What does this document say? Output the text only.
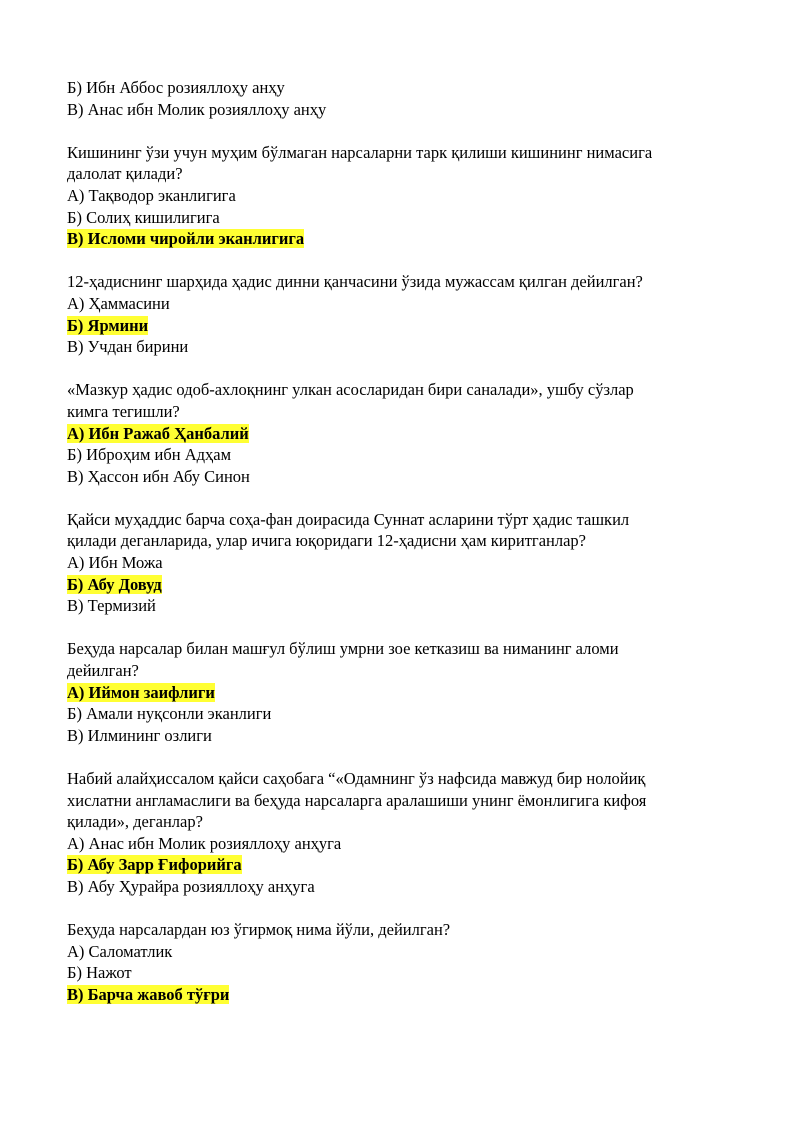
Б) Ибн Аббос розияллоҳу анҳу

В) Анас ибн Молик розияллоҳу анҳу

Кишининг ўзи учун муҳим бўлмаган нарсаларни тарк қилиши кишининг нимасига

далолат қилади?

А) Тақводор эканлигига

Б) Солиҳ кишилигига

В) Исломи чиройли эканлигига

12-ҳадиснинг шарҳида ҳадис динни қанчасини ўзида мужассам қилган дейилган?

А) Ҳаммасини

Б) Ярмини

В) Учдан бирини

«Мазкур ҳадис одоб-ахлоқнинг улкан асосларидан бири саналади», ушбу сўзлар

кимга тегишли?

А) Ибн Ражаб Ҳанбалий

Б) Иброҳим ибн Адҳам

В) Ҳассон ибн Абу Синон

Қайси муҳаддис барча соҳа-фан доирасида Суннат асларини тўрт ҳадис ташкил

қилади деганларида, улар ичига юқоридаги 12-ҳадисни ҳам киритганлар?

А) Ибн Можа

Б) Абу Довуд

В) Термизий

Беҳуда нарсалар билан машғул бўлиш умрни зое кетказиш ва ниманинг аломи

дейилган?

А) Иймон заифлиги

Б) Амали нуқсонли эканлиги

В) Илмининг озлиги

Набий алайҳиссалом қайси саҳобага “«Одамнинг ўз нафсида мавжуд бир нолойиқ

хислатни англамаслиги ва беҳуда нарсаларга аралашиши унинг ёмонлигига кифоя

қилади», деганлар?

А) Анас ибн Молик розияллоҳу анҳуга

Б) Абу Зарр Ғифорийга

В) Абу Ҳурайра розияллоҳу анҳуга

Беҳуда нарсалардан юз ўгирмоқ нима йўли, дейилган?

А) Саломатлик

Б) Нажот

В) Барча жавоб тўғри
